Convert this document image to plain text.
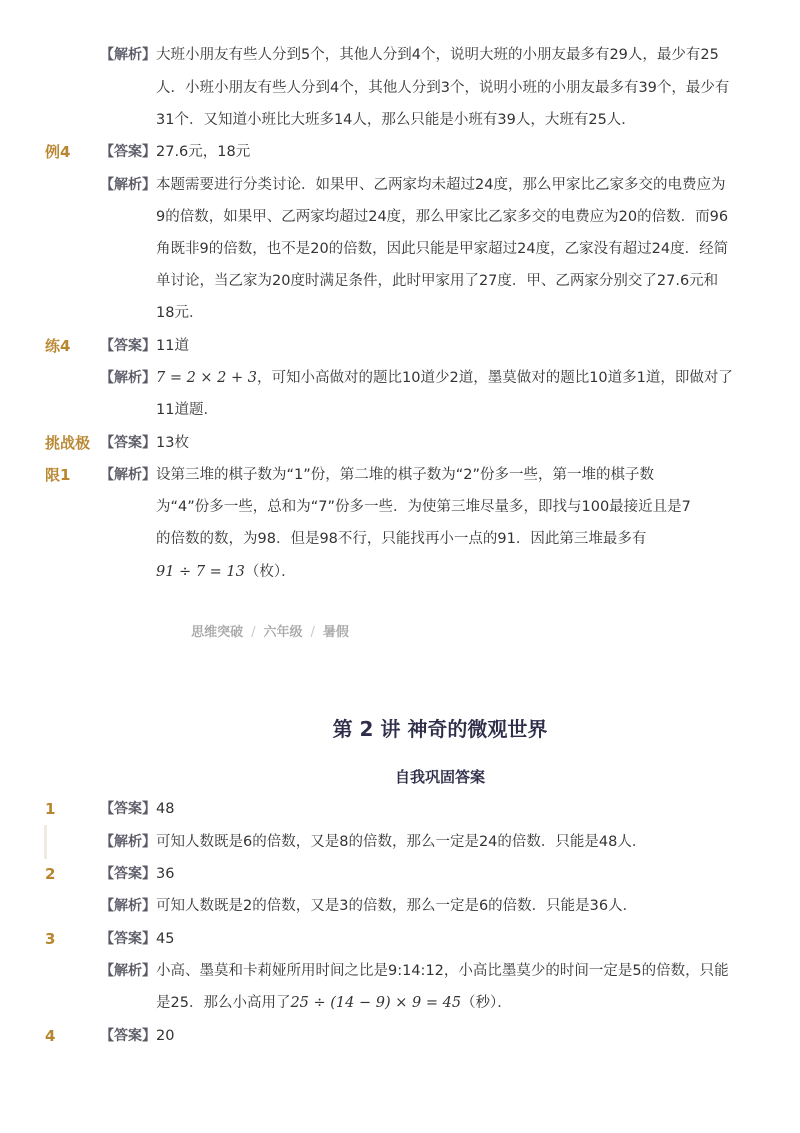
【解析】 大班小朋友有些人分到5个，其他人分到4个，说明大班的小朋友最多有29人，最少有25
人．小班小朋友有些人分到4个，其他人分到3个，说明小班的小朋友最多有39个，最少有
31个．又知道小班比大班多14人，那么只能是小班有39人，大班有25人．
例4 【答案】 27.6元，18元
【解析】 本题需要进行分类讨论．如果甲、乙两家均未超过24度，那么甲家比乙家多交的电费应为
9的倍数，如果甲、乙两家均超过24度，那么甲家比乙家多交的电费应为20的倍数．而96
角既非9的倍数，也不是20的倍数，因此只能是甲家超过24度，乙家没有超过24度．经简
单讨论，当乙家为20度时满足条件，此时甲家用了27度．甲、乙两家分别交了27.6元和
18元．
练4 【答案】 11道
【解析】 7 = 2 × 2 + 3，可知小高做对的题比10道少2道，墨莫做对的题比10道多1道，即做对了
11道题．
挑战极
限1
【答案】 13枚
【解析】 设第三堆的棋子数为“1”份，第二堆的棋子数为“2”份多一些，第一堆的棋子数
为“4”份多一些，总和为“7”份多一些．为使第三堆尽量多，即找与100最接近且是7
的倍数的数，为98．但是98不行，只能找再小一点的91．因此第三堆最多有
91 ÷ 7 = 13（枚）．
思维突破 / 六年级 / 暑假
第 2 讲 神奇的微观世界
自我巩固答案
1	【答案】 48
【解析】 可知人数既是6的倍数，又是8的倍数，那么一定是24的倍数．只能是48人．
2	【答案】 36
【解析】 可知人数既是2的倍数，又是3的倍数，那么一定是6的倍数．只能是36人．
3	【答案】 45
【解析】 小高、墨莫和卡莉娅所用时间之比是9:14:12，小高比墨莫少的时间一定是5的倍数，只能
是25．那么小高用了25 ÷ (14 − 9) × 9 = 45（秒）．
4	【答案】 20
